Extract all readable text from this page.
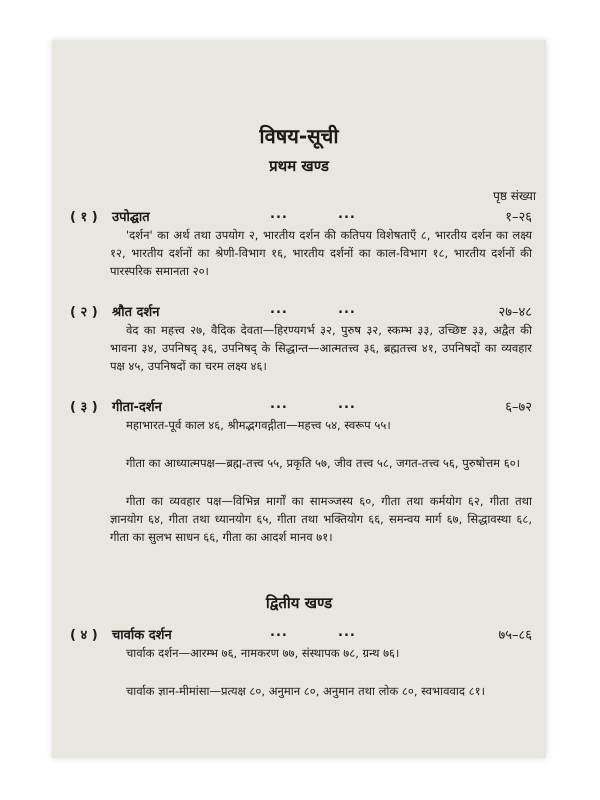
विषय-सूची
प्रथम खण्ड
पृष्ठ संख्या
( १ ) उपोद्घात	...	...	१–२६
'दर्शन' का अर्थ तथा उपयोग २, भारतीय दर्शन की कतिपय विशेषताएँ ८, भारतीय दर्शन का लक्ष्य १२, भारतीय दर्शनों का श्रेणी-विभाग १६, भारतीय दर्शनों का काल-विभाग १८, भारतीय दर्शनों की पारस्परिक समानता २०।
( २ ) श्रौत दर्शन	...	...	२७–४८
वेद का महत्त्व २७, वैदिक देवता—हिरण्यगर्भ ३२, पुरुष ३२, स्कम्भ ३३, उच्छिष्ट ३३, अद्वैत की भावना ३४, उपनिषद् ३६, उपनिषद् के सिद्धान्त—आत्मतत्त्व ३६, ब्रह्मतत्त्व ४१, उपनिषदों का व्यवहार पक्ष ४५, उपनिषदों का चरम लक्ष्य ४६।
( ३ ) गीता-दर्शन	...	...	६–७२
महाभारत-पूर्व काल ४६, श्रीमद्भगवद्गीता—महत्त्व ५४, स्वरूप ५५।
गीता का आध्यात्मपक्ष—ब्रह्म-तत्त्व ५५, प्रकृति ५७, जीव तत्त्व ५८, जगत-तत्त्व ५६, पुरुषोत्तम ६०।
गीता का व्यवहार पक्ष—विभिन्न मार्गों का सामञ्जस्य ६०, गीता तथा कर्मयोग ६२, गीता तथा ज्ञानयोग ६४, गीता तथा ध्यानयोग ६५, गीता तथा भक्तियोग ६६, समन्वय मार्ग ६७, सिद्धावस्था ६८, गीता का सुलभ साधन ६६, गीता का आदर्श मानव ७१।
द्वितीय खण्ड
( ४ ) चार्वाक दर्शन	...	...	७५–८६
चार्वाक दर्शन—आरम्भ ७६, नामकरण ७७, संस्थापक ७८, ग्रन्थ ७६।
चार्वाक ज्ञान-मीमांसा—प्रत्यक्ष ८०, अनुमान ८०, अनुमान तथा लोक ८०, स्वभाववाद ८१।
